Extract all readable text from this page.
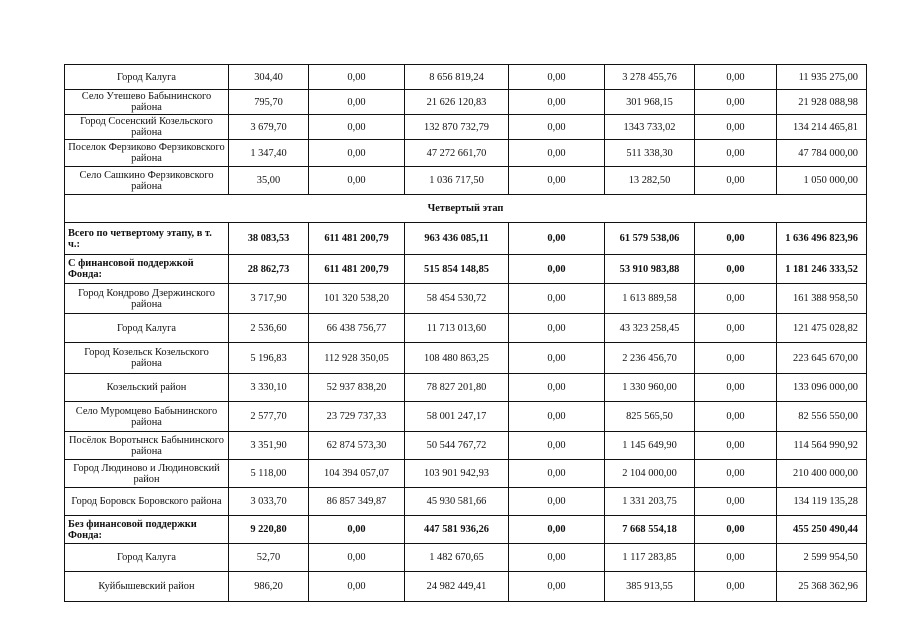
Город Калуга	304,40	0,00	8 656 819,24	0,00	3 278 455,76	0,00	11 935 275,00
Село Утешево Бабынинского района	795,70	0,00	21 626 120,83	0,00	301 968,15	0,00	21 928 088,98
Город Сосенский Козельского района	3 679,70	0,00	132 870 732,79	0,00	1343 733,02	0,00	134 214 465,81
Поселок Ферзиково Ферзиковского района	1 347,40	0,00	47 272 661,70	0,00	511 338,30	0,00	47 784 000,00
Село Сашкино Ферзиковского района	35,00	0,00	1 036 717,50	0,00	13 282,50	0,00	1 050 000,00
Четвертый этап							
Всего по четвертому этапу, в т. ч.:	38 083,53	611 481 200,79	963 436 085,11	0,00	61 579 538,06	0,00	1 636 496 823,96
С финансовой поддержкой Фонда:	28 862,73	611 481 200,79	515 854 148,85	0,00	53 910 983,88	0,00	1 181 246 333,52
Город Кондрово Дзержинского района	3 717,90	101 320 538,20	58 454 530,72	0,00	1 613 889,58	0,00	161 388 958,50
Город Калуга	2 536,60	66 438 756,77	11 713 013,60	0,00	43 323 258,45	0,00	121 475 028,82
Город Козельск Козельского района	5 196,83	112 928 350,05	108 480 863,25	0,00	2 236 456,70	0,00	223 645 670,00
Козельский район	3 330,10	52 937 838,20	78 827 201,80	0,00	1 330 960,00	0,00	133 096 000,00
Село Муромцево Бабынинского района	2 577,70	23 729 737,33	58 001 247,17	0,00	825 565,50	0,00	82 556 550,00
Посёлок Воротынск Бабынинского района	3 351,90	62 874 573,30	50 544 767,72	0,00	1 145 649,90	0,00	114 564 990,92
Город Людиново и Людиновский район	5 118,00	104 394 057,07	103 901 942,93	0,00	2 104 000,00	0,00	210 400 000,00
Город Боровск Боровского района	3 033,70	86 857 349,87	45 930 581,66	0,00	1 331 203,75	0,00	134 119 135,28
Без финансовой поддержки Фонда:	9 220,80	0,00	447 581 936,26	0,00	7 668 554,18	0,00	455 250 490,44
Город Калуга	52,70	0,00	1 482 670,65	0,00	1 117 283,85	0,00	2 599 954,50
Куйбышевский район	986,20	0,00	24 982 449,41	0,00	385 913,55	0,00	25 368 362,96
